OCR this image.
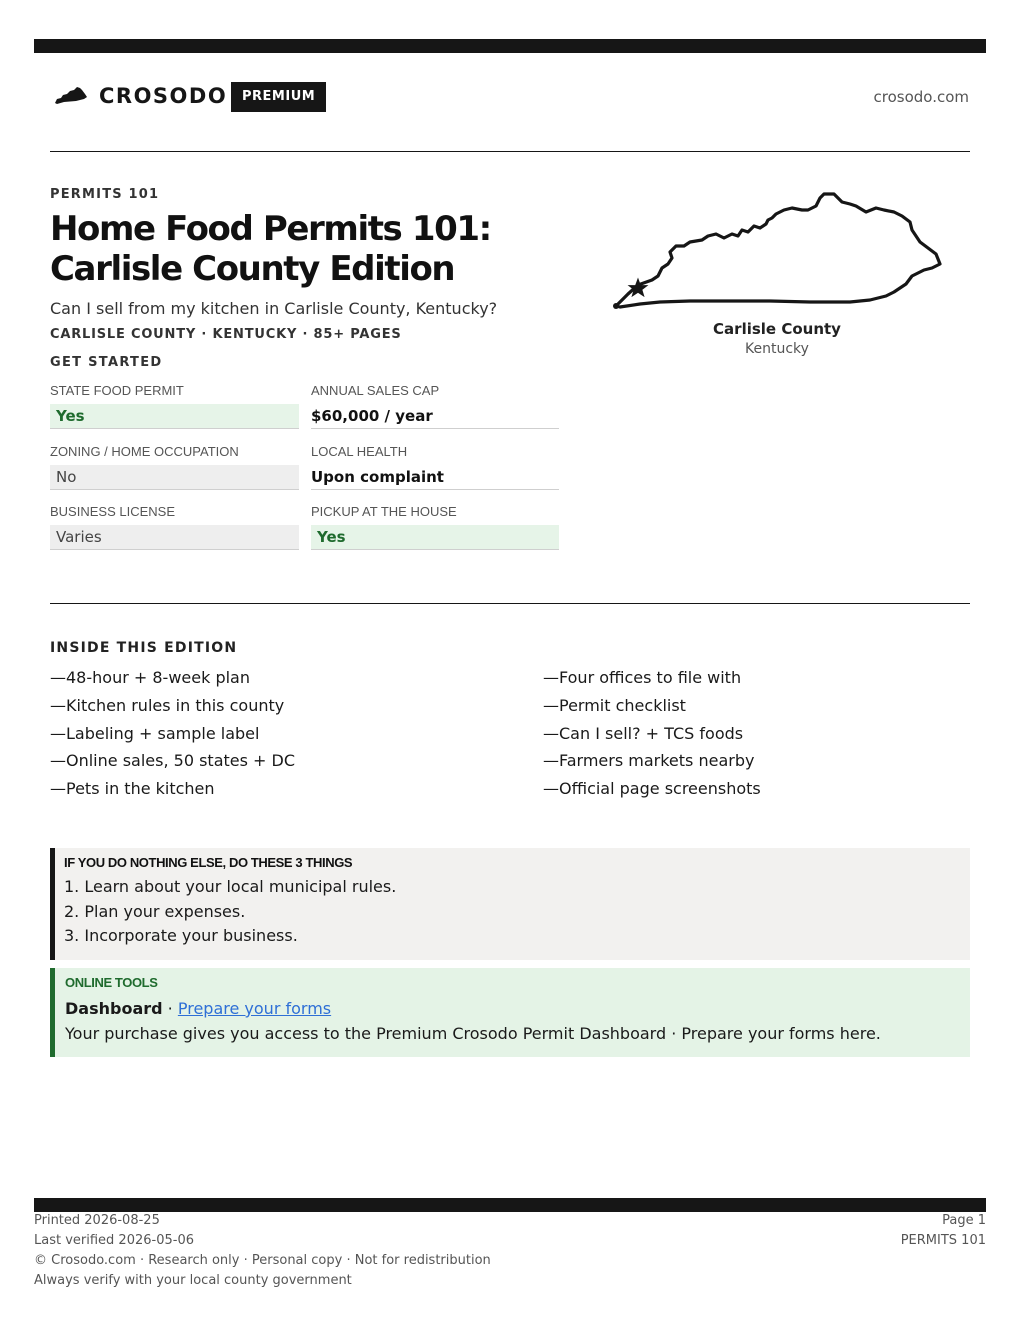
CROSODO	PREMIUM	crosodo.com
PERMITS 101
Home Food Permits 101: Carlisle County Edition
Can I sell from my kitchen in Carlisle County, Kentucky?
CARLISLE COUNTY · KENTUCKY · 85+ PAGES
GET STARTED
STATE FOOD PERMIT
Yes
ANNUAL SALES CAP
$60,000 / year
ZONING / HOME OCCUPATION
No
LOCAL HEALTH
Upon complaint
BUSINESS LICENSE
Varies
PICKUP AT THE HOUSE
Yes
Carlisle County
Kentucky
INSIDE THIS EDITION
—48-hour + 8-week plan
—Kitchen rules in this county
—Labeling + sample label
—Online sales, 50 states + DC
—Pets in the kitchen
—Four offices to file with
—Permit checklist
—Can I sell? + TCS foods
—Farmers markets nearby
—Official page screenshots
IF YOU DO NOTHING ELSE, DO THESE 3 THINGS
1. Learn about your local municipal rules.
2. Plan your expenses.
3. Incorporate your business.
ONLINE TOOLS
Dashboard · Prepare your forms
Your purchase gives you access to the Premium Crosodo Permit Dashboard · Prepare your forms here.
Printed 2026-08-25
Last verified 2026-05-06
© Crosodo.com · Research only · Personal copy · Not for redistribution
Always verify with your local county government
Page 1
PERMITS 101
